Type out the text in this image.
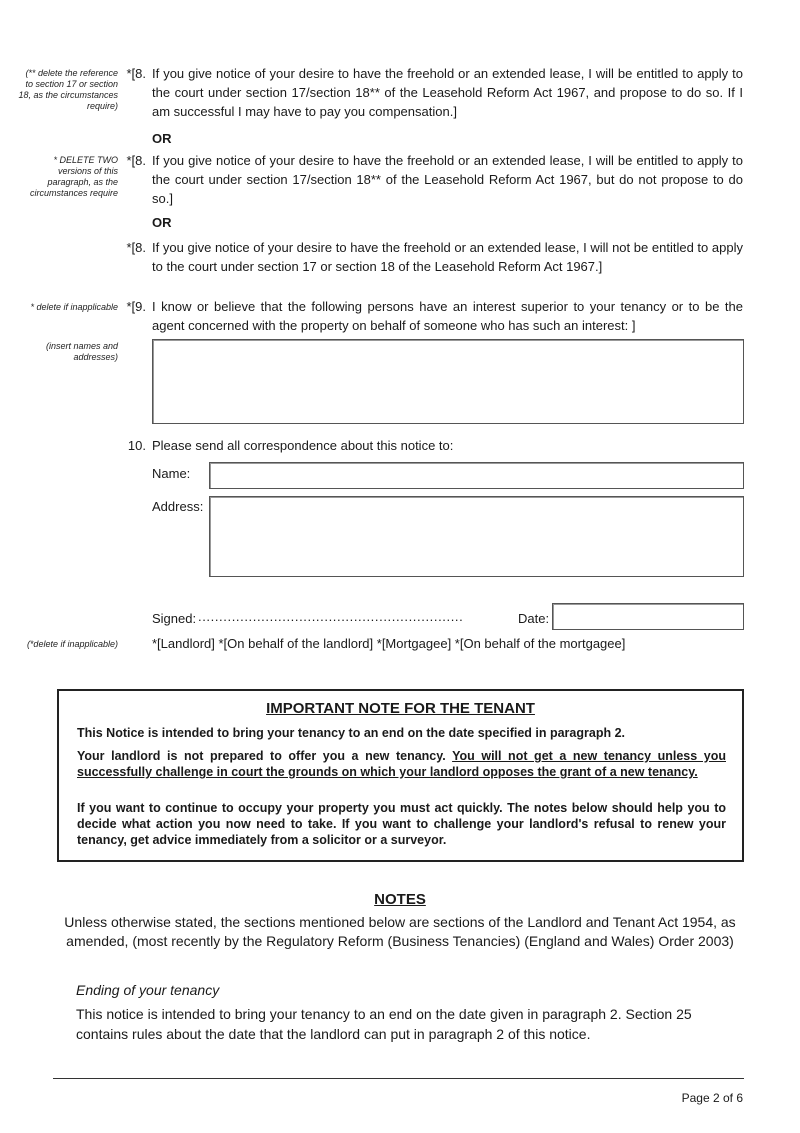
(** delete the reference to section 17 or section 18, as the circumstances require)
*[8. If you give notice of your desire to have the freehold or an extended lease, I will be entitled to apply to the court under section 17/section 18** of the Leasehold Reform Act 1967, and propose to do so. If I am successful I may have to pay you compensation.]
OR
* DELETE TWO versions of this paragraph, as the circumstances require
*[8. If you give notice of your desire to have the freehold or an extended lease, I will be entitled to apply to the court under section 17/section 18** of the Leasehold Reform Act 1967, but do not propose to do so.]
OR
*[8. If you give notice of your desire to have the freehold or an extended lease, I will not be entitled to apply to the court under section 17 or section 18 of the Leasehold Reform Act 1967.]
* delete if inapplicable *[9. I know or believe that the following persons have an interest superior to your tenancy or to be the agent concerned with the property on behalf of someone who has such an interest: ]
(insert names and addresses)
10. Please send all correspondence about this notice to:
Name:
Address:
Signed: ...............................................................	Date:
(*delete if inapplicable)	*[Landlord] *[On behalf of the landlord] *[Mortgagee] *[On behalf of the mortgagee]
IMPORTANT NOTE FOR THE TENANT
This Notice is intended to bring your tenancy to an end on the date specified in paragraph 2.
Your landlord is not prepared to offer you a new tenancy. You will not get a new tenancy unless you successfully challenge in court the grounds on which your landlord opposes the grant of a new tenancy.
If you want to continue to occupy your property you must act quickly. The notes below should help you to decide what action you now need to take. If you want to challenge your landlord's refusal to renew your tenancy, get advice immediately from a solicitor or a surveyor.
NOTES
Unless otherwise stated, the sections mentioned below are sections of the Landlord and Tenant Act 1954, as amended, (most recently by the Regulatory Reform (Business Tenancies) (England and Wales) Order 2003)
Ending of your tenancy
This notice is intended to bring your tenancy to an end on the date given in paragraph 2. Section 25 contains rules about the date that the landlord can put in paragraph 2 of this notice.
Page 2 of 6
